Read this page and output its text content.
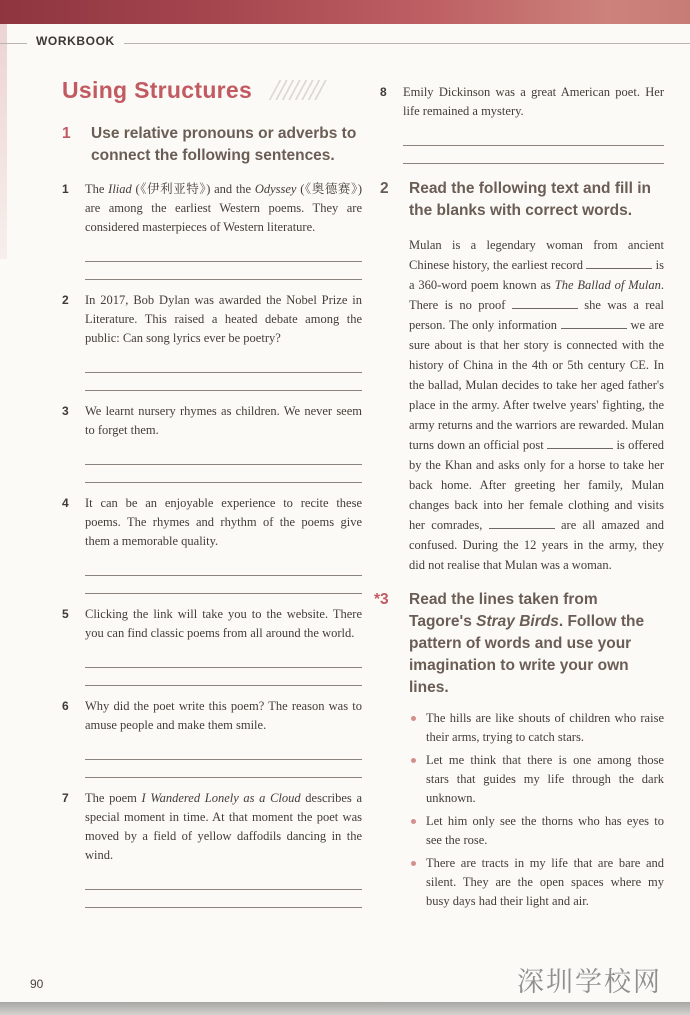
WORKBOOK
Using Structures
1	Use relative pronouns or adverbs to connect the following sentences.
1	The Iliad (《伊利亚特》) and the Odyssey (《奥德赛》) are among the earliest Western poems. They are considered masterpieces of Western literature.
2	In 2017, Bob Dylan was awarded the Nobel Prize in Literature. This raised a heated debate among the public: Can song lyrics ever be poetry?
3	We learnt nursery rhymes as children. We never seem to forget them.
4	It can be an enjoyable experience to recite these poems. The rhymes and rhythm of the poems give them a memorable quality.
5	Clicking the link will take you to the website. There you can find classic poems from all around the world.
6	Why did the poet write this poem? The reason was to amuse people and make them smile.
7	The poem I Wandered Lonely as a Cloud describes a special moment in time. At that moment the poet was moved by a field of yellow daffodils dancing in the wind.
8	Emily Dickinson was a great American poet. Her life remained a mystery.
2	Read the following text and fill in the blanks with correct words.
Mulan is a legendary woman from ancient Chinese history, the earliest record	is a 360-word poem known as The Ballad of Mulan. There is no proof	she was a real person. The only information	we are sure about is that her story is connected with the history of China in the 4th or 5th century CE. In the ballad, Mulan decides to take her aged father's place in the army. After twelve years' fighting, the army returns and the warriors are rewarded. Mulan turns down an official post	is offered by the Khan and asks only for a horse to take her back home. After greeting her family, Mulan changes back into her female clothing and visits her comrades,	are all amazed and confused. During the 12 years in the army, they did not realise that Mulan was a woman.
*3	Read the lines taken from Tagore's Stray Birds. Follow the pattern of words and use your imagination to write your own lines.
The hills are like shouts of children who raise their arms, trying to catch stars.
Let me think that there is one among those stars that guides my life through the dark unknown.
Let him only see the thorns who has eyes to see the rose.
There are tracts in my life that are bare and silent. They are the open spaces where my busy days had their light and air.
90	深圳学校网
